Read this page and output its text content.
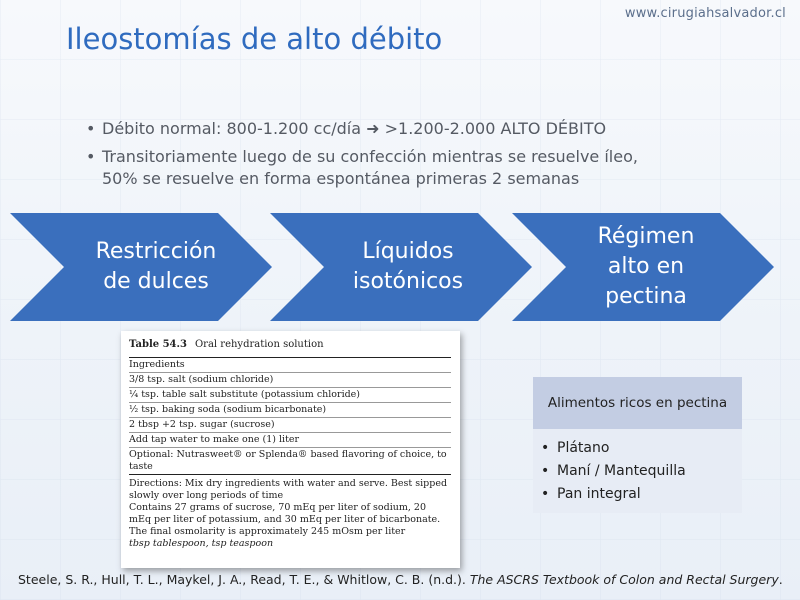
www.cirugiahsalvador.cl
Ileostomías de alto débito
• Débito normal: 800-1.200 cc/día ➜ >1.200-2.000 ALTO DÉBITO
• Transitoriamente luego de su confección mientras se resuelve íleo,
50% se resuelve en forma espontánea primeras 2 semanas
Restricción
de dulces
Líquidos
isotónicos
Régimen
alto en
pectina
Table 54.3 Oral rehydration solution
Ingredients
3/8 tsp. salt (sodium chloride)
¼ tsp. table salt substitute (potassium chloride)
½ tsp. baking soda (sodium bicarbonate)
2 tbsp +2 tsp. sugar (sucrose)
Add tap water to make one (1) liter
Optional: Nutrasweet® or Splenda® based flavoring of choice, to taste

Directions: Mix dry ingredients with water and serve. Best sipped slowly over long periods of time

Contains 27 grams of sucrose, 70 mEq per liter of sodium, 20 mEq per liter of potassium, and 30 mEq per liter of bicarbonate. The final osmolarity is approximately 245 mOsm per liter

tbsp tablespoon, tsp teaspoon

Alimentos ricos en pectina
• Plátano
• Maní / Mantequilla
• Pan integral
Steele, S. R., Hull, T. L., Maykel, J. A., Read, T. E., & Whitlow, C. B. (n.d.). The ASCRS Textbook of Colon and Rectal Surgery.
